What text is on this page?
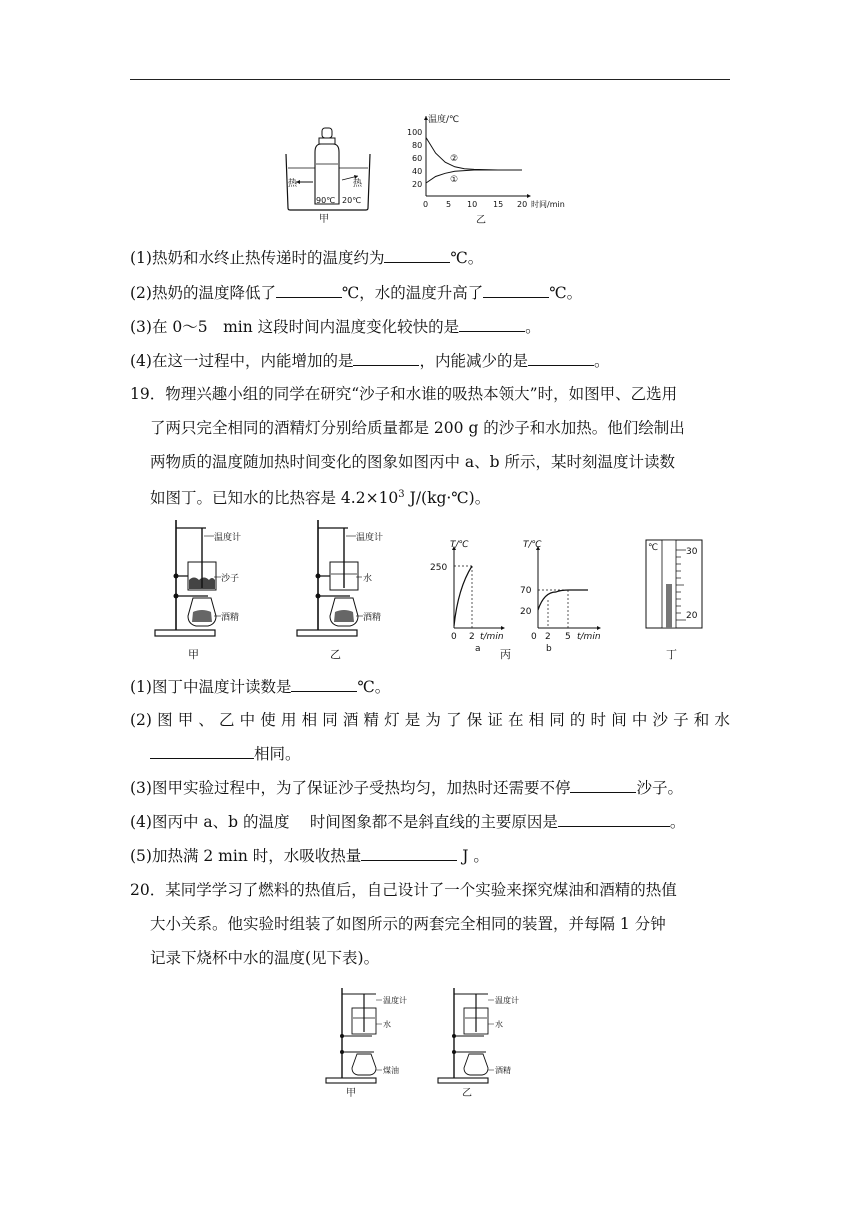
热	热
90℃ 20℃
甲
温度/℃
100
80
60
40
20
0 5 10 15 20 时间/min
②
①
乙
(1)热奶和水终止热传递时的温度约为	℃。
(2)热奶的温度降低了	℃，水的温度升高了	℃。
(3)在 0～5　min 这段时间内温度变化较快的是	。
(4)在这一过程中，内能增加的是	，内能减少的是	。
19．物理兴趣小组的同学在研究“沙子和水谁的吸热本领大”时，如图甲、乙选用
了两只完全相同的酒精灯分别给质量都是 200 g 的沙子和水加热。他们绘制出
两物质的温度随加热时间变化的图象如图丙中 a、b 所示，某时刻温度计读数
如图丁。已知水的比热容是 $4.2\times 10^3$ J/(kg·℃)。
温度计
沙子
酒精
甲
温度计
水
酒精
乙
T/℃
250
0 2 t/min
a
T/℃
70
20
0 2 5 t/min
b
丙
℃	30
20
丁
(1)图丁中温度计读数是	℃。
(2) 图 甲 、 乙 中 使 用 相 同 酒 精 灯 是 为 了 保 证 在 相 同 的 时 间 中 沙 子 和 水
相同。
(3)图甲实验过程中，为了保证沙子受热均匀，加热时还需要不停	沙子。
(4)图丙中 a、b 的温度　 时间图象都不是斜直线的主要原因是	。
(5)加热满 2 min 时，水吸收热量	J 。
20．某同学学习了燃料的热值后，自己设计了一个实验来探究煤油和酒精的热值
大小关系。他实验时组装了如图所示的两套完全相同的装置，并每隔 1 分钟
记录下烧杯中水的温度(见下表)。
温度计
水
煤油
甲
温度计
水
酒精
乙
